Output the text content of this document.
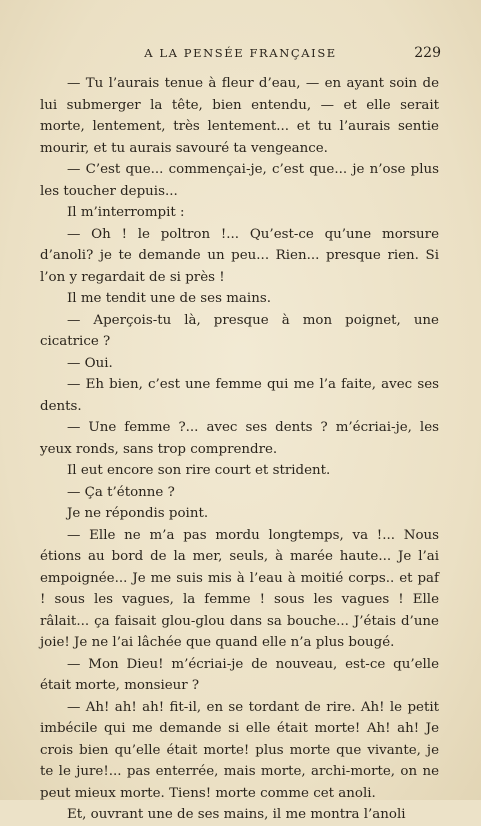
A LA PENSÉE FRANÇAISE	229

— Tu l’aurais tenue à fleur d’eau, — en ayant soin de lui submerger la tête, bien entendu, — et elle serait morte, lentement, très lentement... et tu l’aurais sentie mourir, et tu aurais savouré ta vengeance.

— C’est que... commençai-je, c’est que... je n’ose plus les toucher depuis...

Il m’interrompit :

— Oh ! le poltron !... Qu’est-ce qu’une morsure d’anoli? je te demande un peu... Rien... presque rien. Si l’on y regardait de si près !

Il me tendit une de ses mains.

— Aperçois-tu là, presque à mon poignet, une cicatrice ?

— Oui.

— Eh bien, c’est une femme qui me l’a faite, avec ses dents.

— Une femme ?... avec ses dents ? m’écriai-je, les yeux ronds, sans trop comprendre.

Il eut encore son rire court et strident.

— Ça t’étonne ?

Je ne répondis point.

— Elle ne m’a pas mordu longtemps, va !... Nous étions au bord de la mer, seuls, à marée haute... Je l’ai empoignée... Je me suis mis à l’eau à moitié corps.. et paf ! sous les vagues, la femme ! sous les vagues ! Elle râlait... ça faisait glou-glou dans sa bouche... J’étais d’une joie! Je ne l’ai lâchée que quand elle n’a plus bougé.

— Mon Dieu! m’écriai-je de nouveau, est-ce qu’elle était morte, monsieur ?

— Ah! ah! ah! fit-il, en se tordant de rire. Ah! le petit imbécile qui me demande si elle était morte! Ah! ah! Je crois bien qu’elle était morte! plus morte que vivante, je te le jure!... pas enterrée, mais morte, archi-morte, on ne peut mieux morte. Tiens! morte comme cet anoli.

Et, ouvrant une de ses mains, il me montra l’anoli
